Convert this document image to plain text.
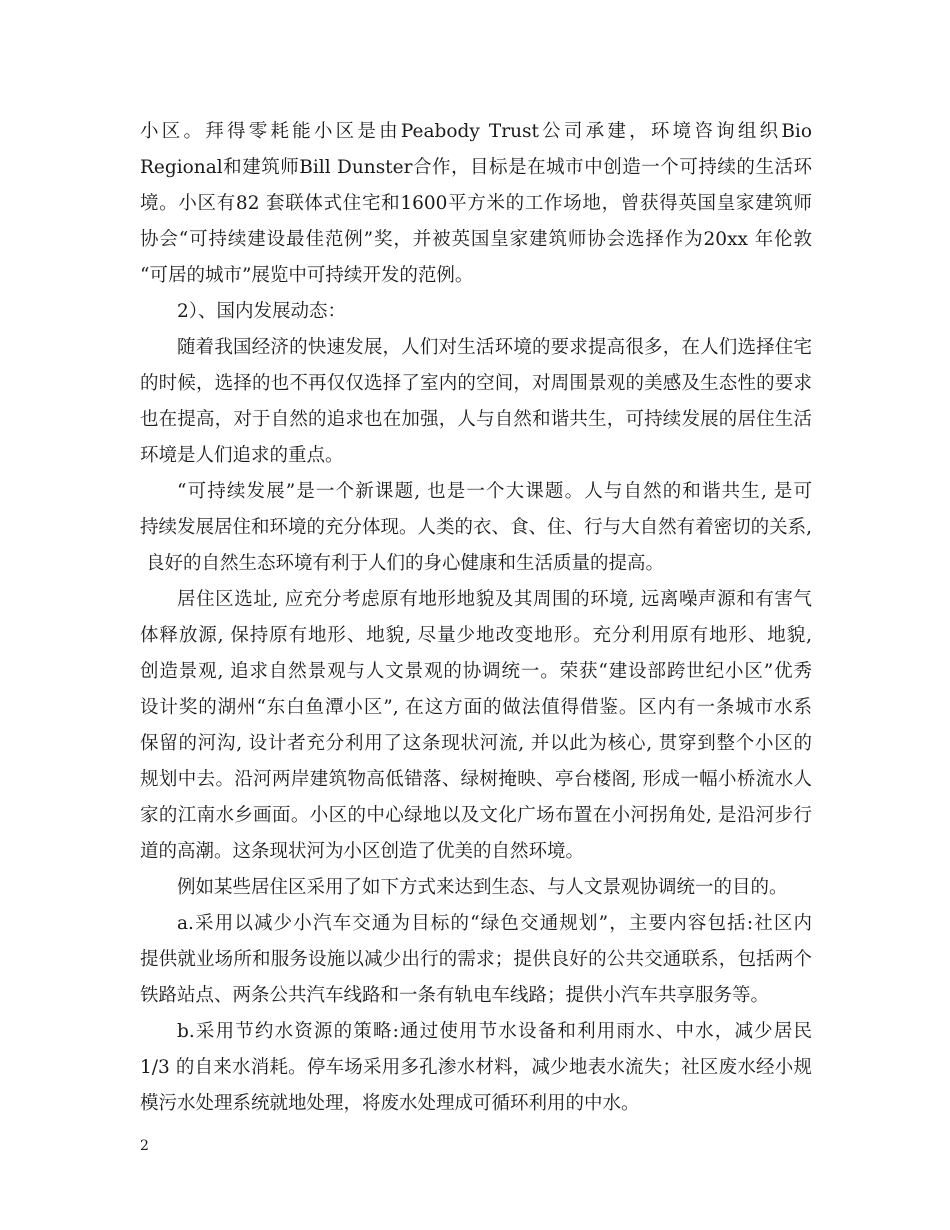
小区。拜得零耗能小区是由Peabody Trust公司承建，环境咨询组织Bio
Regional和建筑师Bill Dunster合作，目标是在城市中创造一个可持续的生活环
境。小区有82 套联体式住宅和1600平方米的工作场地，曾获得英国皇家建筑师
协会“可持续建设最佳范例”奖，并被英国皇家建筑师协会选择作为20xx 年伦敦
“可居的城市”展览中可持续开发的范例。
2）、国内发展动态：
随着我国经济的快速发展，人们对生活环境的要求提高很多，在人们选择住宅
的时候，选择的也不再仅仅选择了室内的空间，对周围景观的美感及生态性的要求
也在提高，对于自然的追求也在加强，人与自然和谐共生，可持续发展的居住生活
环境是人们追求的重点。
“可持续发展”是一个新课题, 也是一个大课题。人与自然的和谐共生, 是可
持续发展居住和环境的充分体现。人类的衣、食、住、行与大自然有着密切的关系,
良好的自然生态环境有利于人们的身心健康和生活质量的提高。
居住区选址, 应充分考虑原有地形地貌及其周围的环境, 远离噪声源和有害气
体释放源, 保持原有地形、地貌, 尽量少地改变地形。充分利用原有地形、地貌,
创造景观, 追求自然景观与人文景观的协调统一。荣获“建设部跨世纪小区”优秀
设计奖的湖州“东白鱼潭小区”, 在这方面的做法值得借鉴。区内有一条城市水系
保留的河沟, 设计者充分利用了这条现状河流, 并以此为核心, 贯穿到整个小区的
规划中去。沿河两岸建筑物高低错落、绿树掩映、亭台楼阁, 形成一幅小桥流水人
家的江南水乡画面。小区的中心绿地以及文化广场布置在小河拐角处, 是沿河步行
道的高潮。这条现状河为小区创造了优美的自然环境。
例如某些居住区采用了如下方式来达到生态、与人文景观协调统一的目的。
a.采用以减少小汽车交通为目标的“绿色交通规划”，主要内容包括:社区内
提供就业场所和服务设施以减少出行的需求；提供良好的公共交通联系，包括两个
铁路站点、两条公共汽车线路和一条有轨电车线路；提供小汽车共享服务等。
b.采用节约水资源的策略:通过使用节水设备和利用雨水、中水，减少居民
1/3 的自来水消耗。停车场采用多孔渗水材料，减少地表水流失；社区废水经小规
模污水处理系统就地处理，将废水处理成可循环利用的中水。
2
